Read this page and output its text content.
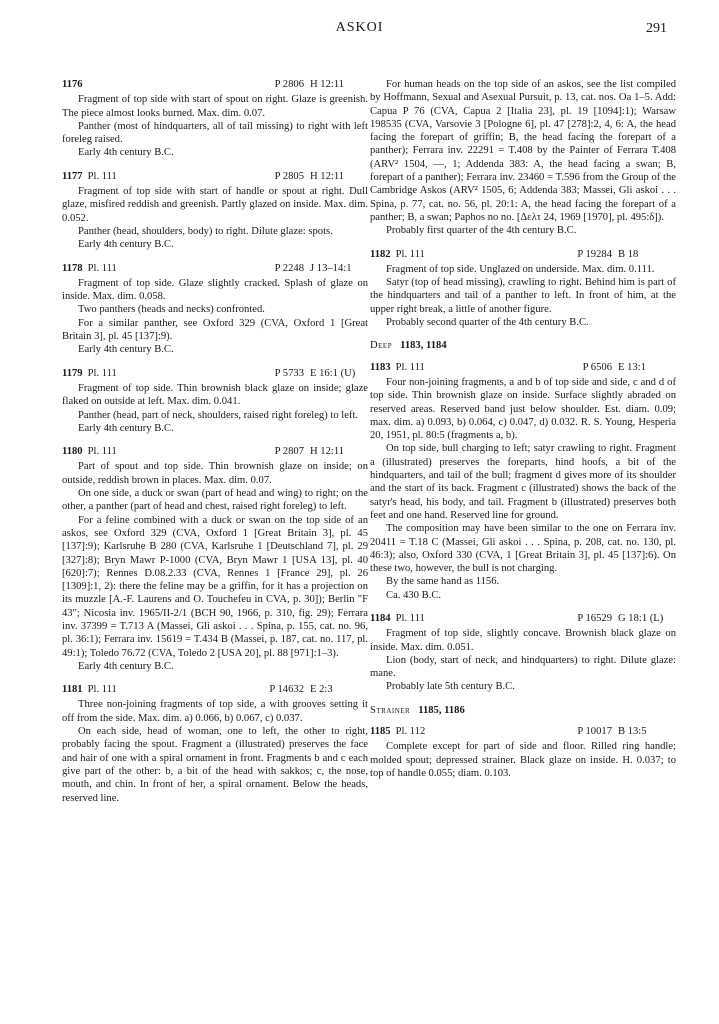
ASKOI	291
1176	P 2806 H 12:11

Fragment of top side with start of spout on right. Glaze is greenish. The piece almost looks burned. Max. dim. 0.07.

Panther (most of hindquarters, all of tail missing) to right with left foreleg raised.

Early 4th century B.C.

1177 Pl. 111	P 2805 H 12:11

Fragment of top side with start of handle or spout at right. Dull glaze, misfired reddish and greenish. Partly glazed on inside. Max. dim. 0.052.

Panther (head, shoulders, body) to right. Dilute glaze: spots.

Early 4th century B.C.

1178 Pl. 111	P 2248 J 13–14:1

Fragment of top side. Glaze slightly cracked. Splash of glaze on inside. Max. dim. 0.058.

Two panthers (heads and necks) confronted.

For a similar panther, see Oxford 329 (CVA, Oxford 1 [Great Britain 3], pl. 45 [137]:9).

Early 4th century B.C.

1179 Pl. 111	P 5733 E 16:1 (U)

Fragment of top side. Thin brownish black glaze on inside; glaze flaked on outside at left. Max. dim. 0.041.

Panther (head, part of neck, shoulders, raised right foreleg) to left.

Early 4th century B.C.

1180 Pl. 111	P 2807 H 12:11

Part of spout and top side. Thin brownish glaze on inside; on outside, reddish brown in places. Max. dim. 0.07.

On one side, a duck or swan (part of head and wing) to right; on the other, a panther (part of head and chest, raised right foreleg) to left.

For a feline combined with a duck or swan on the top side of an askos, see Oxford 329 (CVA, Oxford 1 [Great Britain 3], pl. 45 [137]:9); Karlsruhe B 280 (CVA, Karlsruhe 1 [Deutschland 7], pl. 29 [327]:8); Bryn Mawr P-1000 (CVA, Bryn Mawr 1 [USA 13], pl. 40 [620]:7); Rennes D.08.2.33 (CVA, Rennes 1 [France 29], pl. 26 [1309]:1, 2): there the feline may be a griffin, for it has a projection on its muzzle [A.-F. Laurens and O. Touchefeu in CVA, p. 30]); Berlin "F 43"; Nicosia inv. 1965/II-2/1 (BCH 90, 1966, p. 310, fig. 29); Ferrara inv. 37399 = T.713 A (Massei, Gli askoi . . . Spina, p. 155, cat. no. 96, pl. 36:1); Ferrara inv. 15619 = T.434 B (Massei, p. 187, cat. no. 117, pl. 49:1); Toledo 76.72 (CVA, Toledo 2 [USA 20], pl. 88 [971]:1–3).

Early 4th century B.C.

1181 Pl. 111	P 14632 E 2:3

Three non-joining fragments of top side, a with grooves setting it off from the side. Max. dim. a) 0.066, b) 0.067, c) 0.037.

On each side, head of woman, one to left, the other to right, probably facing the spout. Fragment a (illustrated) preserves the face and hair of one with a spiral ornament in front. Fragments b and c each give part of the other: b, a bit of the head with sakkos; c, the nose, mouth, and chin. In front of her, a spiral ornament. Below the heads, reserved line.

For human heads on the top side of an askos, see the list compiled by Hoffmann, Sexual and Asexual Pursuit, p. 13, cat. nos. Oa 1–5. Add: Capua P 76 (CVA, Capua 2 [Italia 23], pl. 19 [1094]:1); Warsaw 198535 (CVA, Varsovie 3 [Pologne 6], pl. 47 [278]:2, 4, 6: A, the head facing the forepart of griffin; B, the head facing the forepart of a panther); Ferrara inv. 22291 = T.408 by the Painter of Ferrara T.408 (ARV² 1504, —, 1; Addenda 383: A, the head facing a swan; B, forepart of a panther); Ferrara inv. 23460 = T.596 from the Group of the Cambridge Askos (ARV² 1505, 6; Addenda 383; Massei, Gli askoi . . . Spina, p. 77, cat. no. 56, pl. 20:1: A, the head facing the forepart of a panther; B, a swan; Paphos no no. [Δελτ 24, 1969 [1970], pl. 495:δ]).

Probably first quarter of the 4th century B.C.

1182 Pl. 111	P 19284 B 18

Fragment of top side. Unglazed on underside. Max. dim. 0.111.

Satyr (top of head missing), crawling to right. Behind him is part of the hindquarters and tail of a panther to left. In front of him, at the upper right break, a little of another figure.

Probably second quarter of the 4th century B.C.

Deep 1183, 1184
1183 Pl. 111	P 6506 E 13:1

Four non-joining fragments, a and b of top side and side, c and d of top side. Thin brownish glaze on inside. Surface slightly abraded on reserved areas. Reserved band just below shoulder. Est. diam. 0.09; max. dim. a) 0.093, b) 0.064, c) 0.047, d) 0.032. R. S. Young, Hesperia 20, 1951, pl. 80:5 (fragments a, b).

On top side, bull charging to left; satyr crawling to right. Fragment a (illustrated) preserves the foreparts, hind hoofs, a bit of the hindquarters, and tail of the bull; fragment d gives more of its shoulder and the start of its back. Fragment c (illustrated) shows the back of the satyr's head, his body, and tail. Fragment b (illustrated) preserves both feet and one hand. Reserved line for ground.

The composition may have been similar to the one on Ferrara inv. 20411 = T.18 C (Massei, Gli askoi . . . Spina, p. 208, cat. no. 130, pl. 46:3); also, Oxford 330 (CVA, 1 [Great Britain 3], pl. 45 [137]:6). On these two, however, the bull is not charging.

By the same hand as 1156.

Ca. 430 B.C.

1184 Pl. 111	P 16529 G 18:1 (L)

Fragment of top side, slightly concave. Brownish black glaze on inside. Max. dim. 0.051.

Lion (body, start of neck, and hindquarters) to right. Dilute glaze: mane.

Probably late 5th century B.C.

Strainer 1185, 1186
1185 Pl. 112	P 10017 B 13:5

Complete except for part of side and floor. Rilled ring handle; molded spout; depressed strainer. Black glaze on inside. H. 0.037; to top of handle 0.055; diam. 0.103.
